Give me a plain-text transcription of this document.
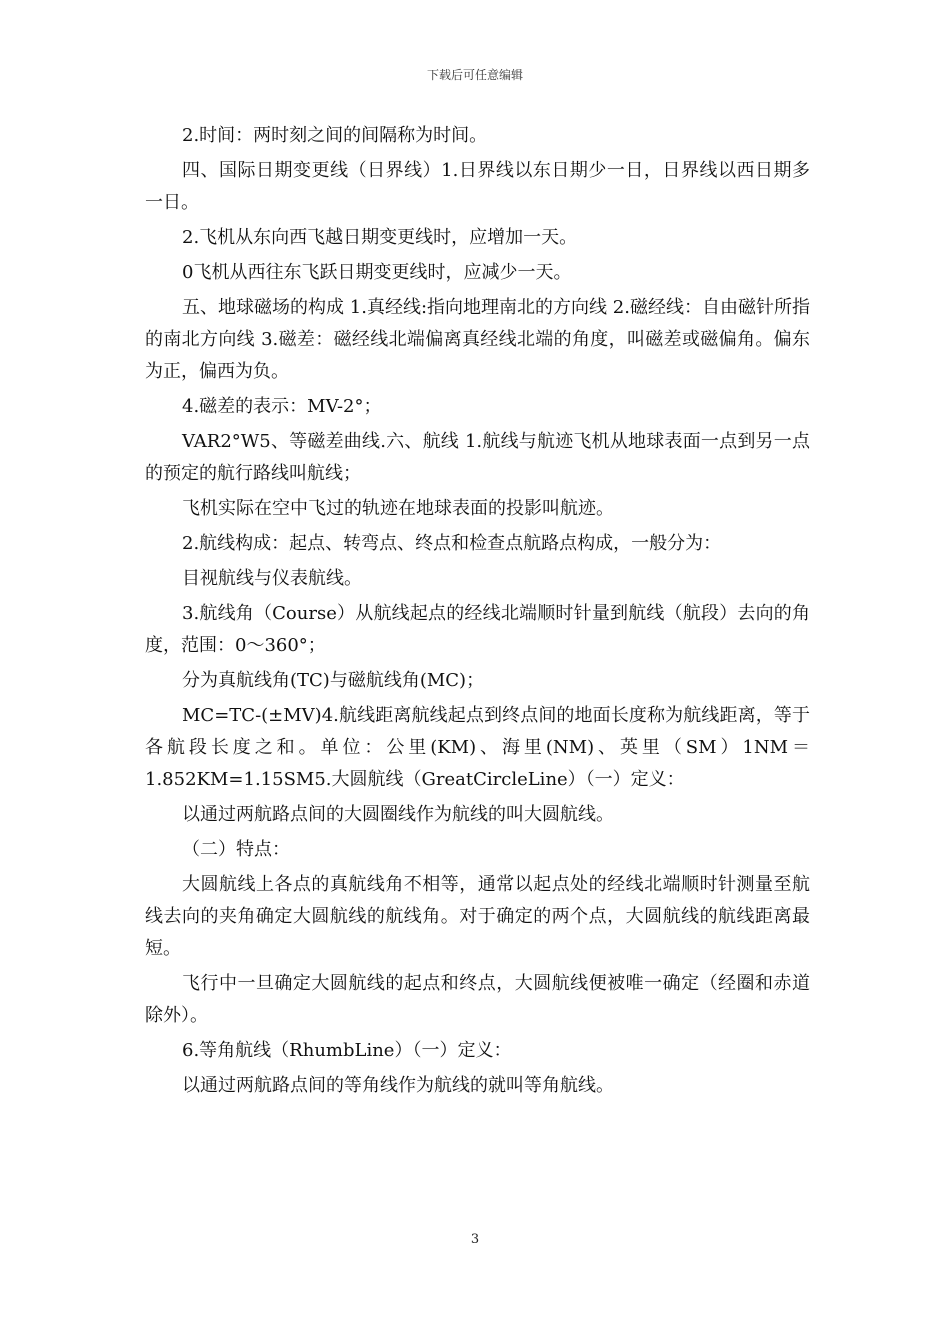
下载后可任意编辑

2.时间：两时刻之间的间隔称为时间。

四、国际日期变更线（日界线）1.日界线以东日期少一日，日界线以西日期多一日。

2.飞机从东向西飞越日期变更线时，应增加一天。

0飞机从西往东飞跃日期变更线时，应减少一天。

五、地球磁场的构成 1.真经线:指向地理南北的方向线 2.磁经线：自由磁针所指的南北方向线 3.磁差：磁经线北端偏离真经线北端的角度，叫磁差或磁偏角。偏东为正，偏西为负。

4.磁差的表示：MV-2°；

VAR2°W5、等磁差曲线.六、航线 1.航线与航迹飞机从地球表面一点到另一点的预定的航行路线叫航线；

飞机实际在空中飞过的轨迹在地球表面的投影叫航迹。

2.航线构成：起点、转弯点、终点和检查点航路点构成，一般分为：

目视航线与仪表航线。

3.航线角（Course）从航线起点的经线北端顺时针量到航线（航段）去向的角度，范围：0～360°；

分为真航线角(TC)与磁航线角(MC)；

MC=TC-(±MV)4.航线距离航线起点到终点间的地面长度称为航线距离，等于各航段长度之和。单位：公里(KM)、海里(NM)、英里（SM）1NM＝1.852KM=1.15SM5.大圆航线（GreatCircleLine）（一）定义：

以通过两航路点间的大圆圈线作为航线的叫大圆航线。

（二）特点：

大圆航线上各点的真航线角不相等，通常以起点处的经线北端顺时针测量至航线去向的夹角确定大圆航线的航线角。对于确定的两个点，大圆航线的航线距离最短。

飞行中一旦确定大圆航线的起点和终点，大圆航线便被唯一确定（经圈和赤道除外）。

6.等角航线（RhumbLine）（一）定义：

以通过两航路点间的等角线作为航线的就叫等角航线。

3
